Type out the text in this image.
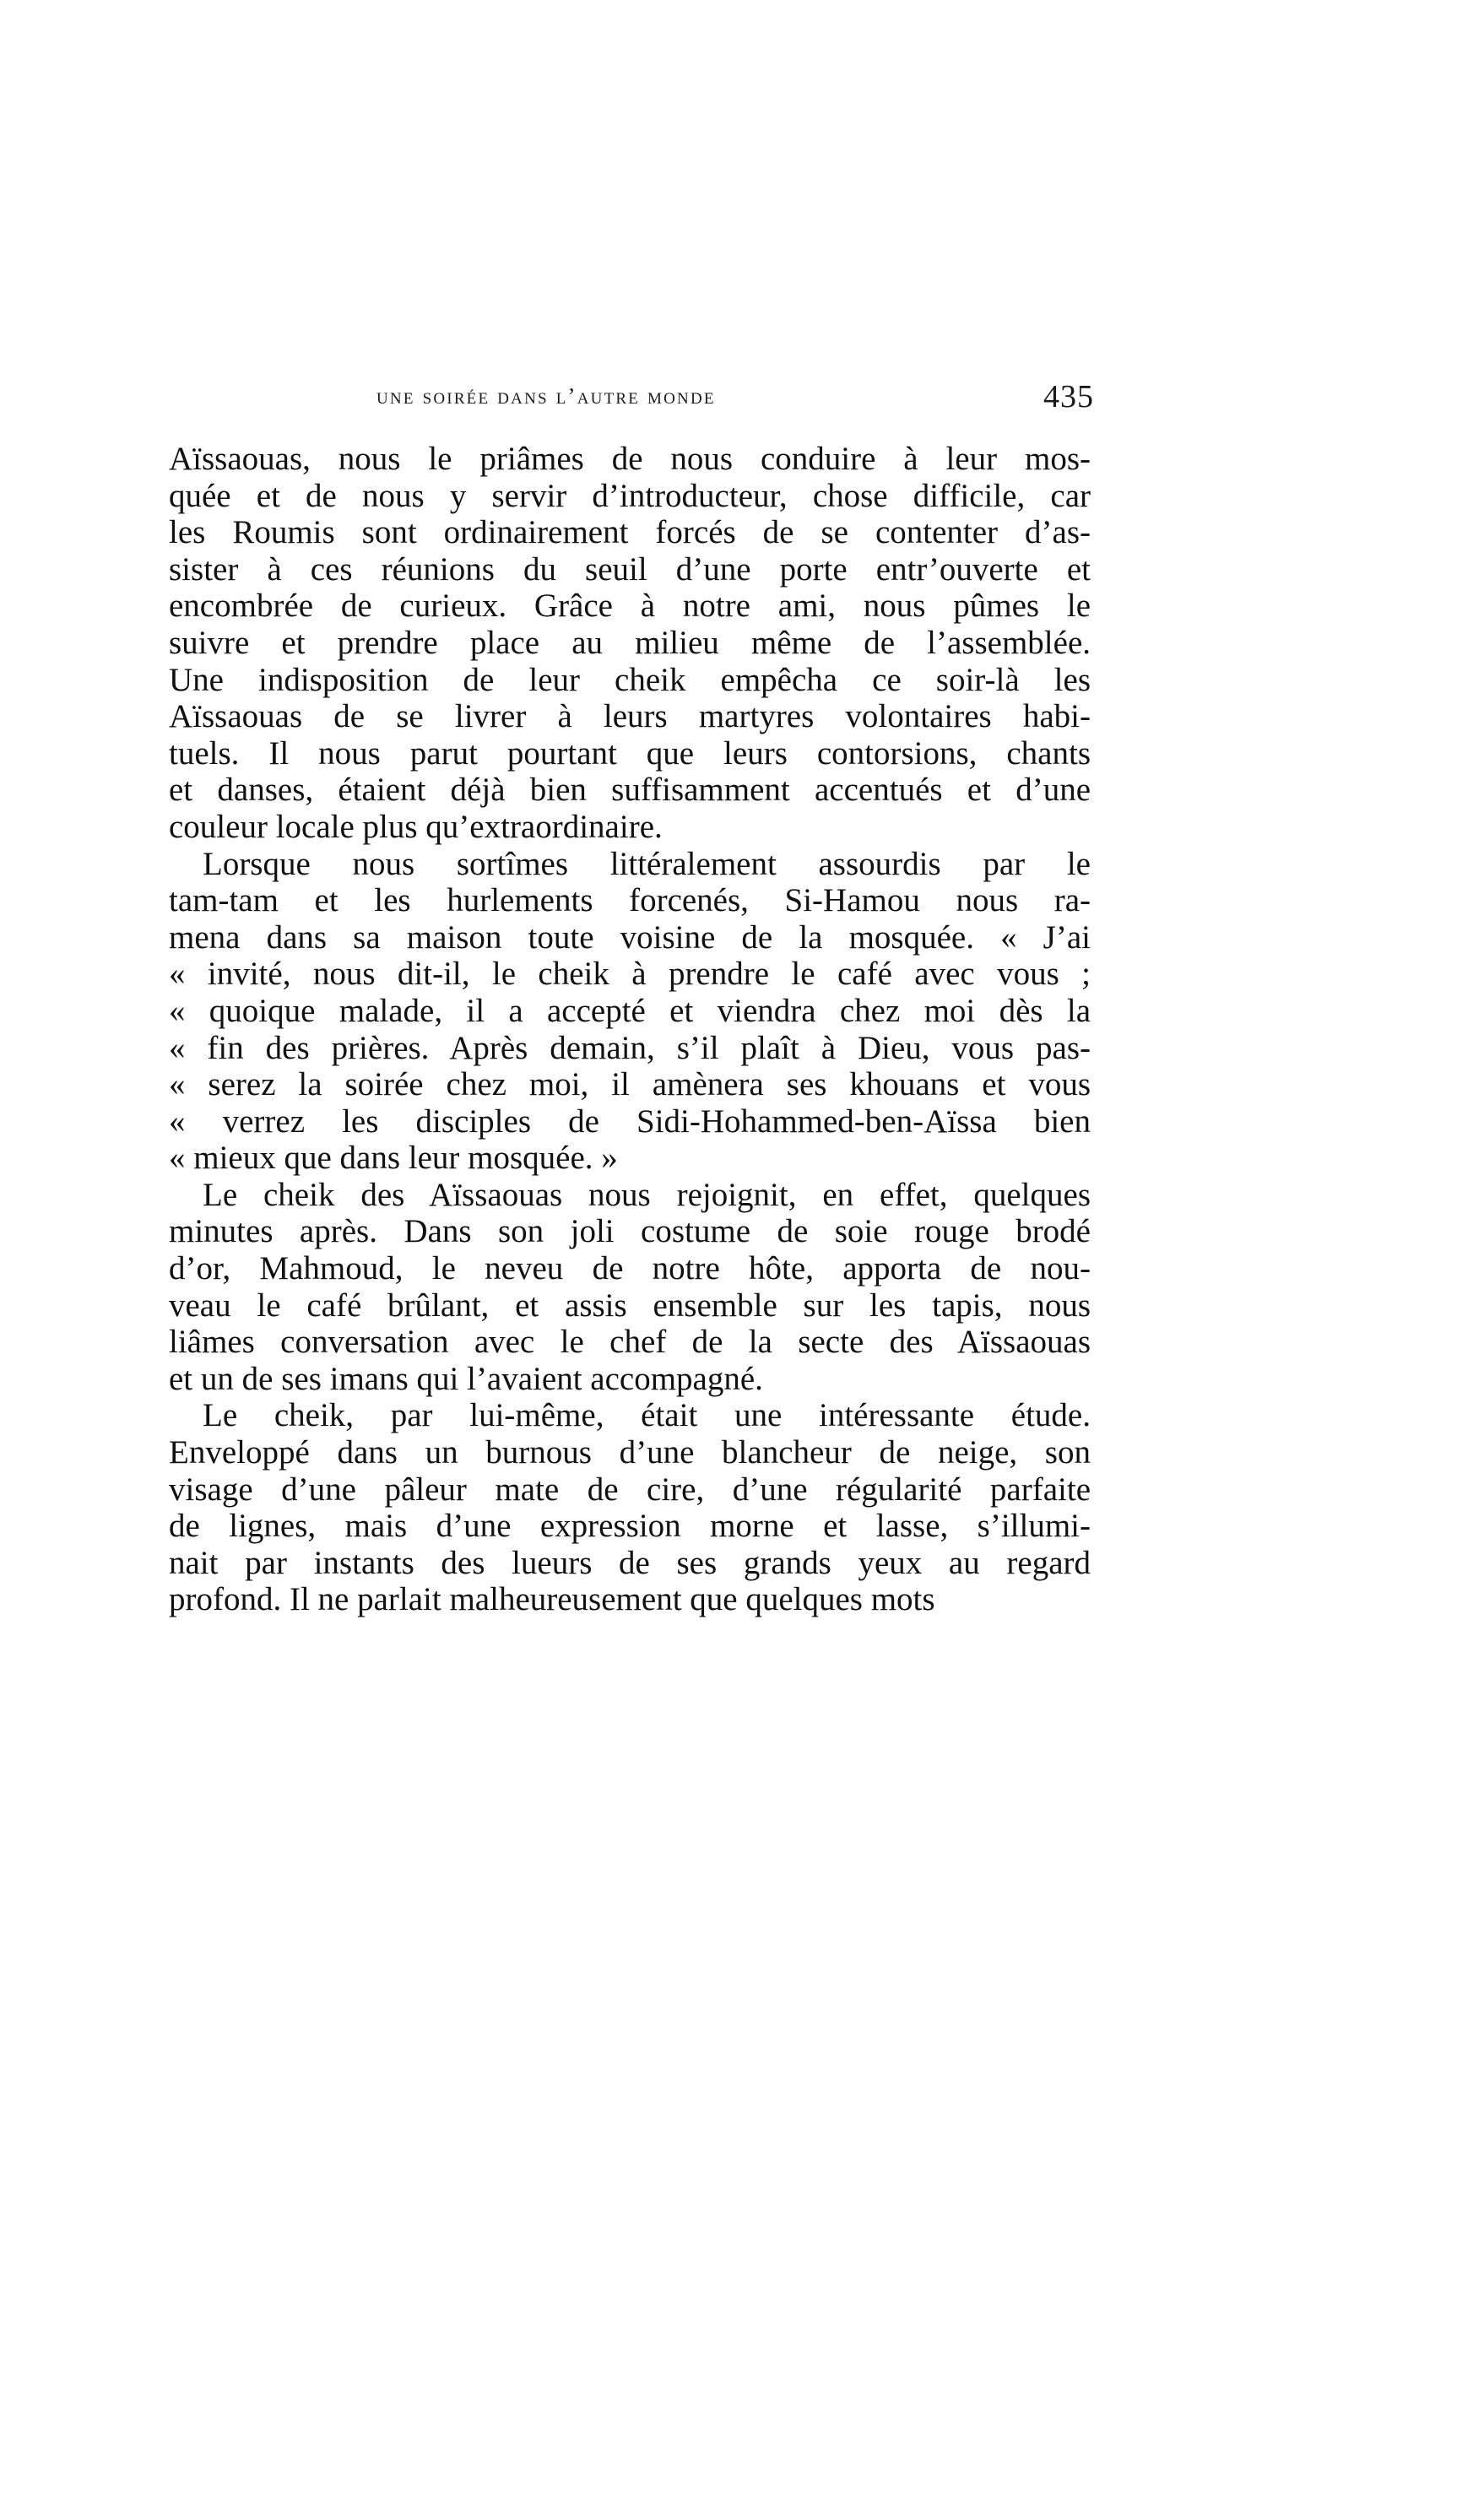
une soirée dans l’autre monde	435
Aïssaouas, nous le priâmes de nous conduire à leur mos-
quée et de nous y servir d’introducteur, chose difficile, car
les Roumis sont ordinairement forcés de se contenter d’as-
sister à ces réunions du seuil d’une porte entr’ouverte et
encombrée de curieux. Grâce à notre ami, nous pûmes le
suivre et prendre place au milieu même de l’assemblée.
Une indisposition de leur cheik empêcha ce soir-là les
Aïssaouas de se livrer à leurs martyres volontaires habi-
tuels. Il nous parut pourtant que leurs contorsions, chants
et danses, étaient déjà bien suffisamment accentués et d’une
couleur locale plus qu’extraordinaire.
Lorsque nous sortîmes littéralement assourdis par le
tam-tam et les hurlements forcenés, Si-Hamou nous ra-
mena dans sa maison toute voisine de la mosquée. « J’ai
« invité, nous dit-il, le cheik à prendre le café avec vous ;
« quoique malade, il a accepté et viendra chez moi dès la
« fin des prières. Après demain, s’il plaît à Dieu, vous pas-
« serez la soirée chez moi, il amènera ses khouans et vous
« verrez les disciples de Sidi-Hohammed-ben-Aïssa bien
« mieux que dans leur mosquée. »
Le cheik des Aïssaouas nous rejoignit, en effet, quelques
minutes après. Dans son joli costume de soie rouge brodé
d’or, Mahmoud, le neveu de notre hôte, apporta de nou-
veau le café brûlant, et assis ensemble sur les tapis, nous
liâmes conversation avec le chef de la secte des Aïssaouas
et un de ses imans qui l’avaient accompagné.
Le cheik, par lui-même, était une intéressante étude.
Enveloppé dans un burnous d’une blancheur de neige, son
visage d’une pâleur mate de cire, d’une régularité parfaite
de lignes, mais d’une expression morne et lasse, s’illumi-
nait par instants des lueurs de ses grands yeux au regard
profond. Il ne parlait malheureusement que quelques mots
